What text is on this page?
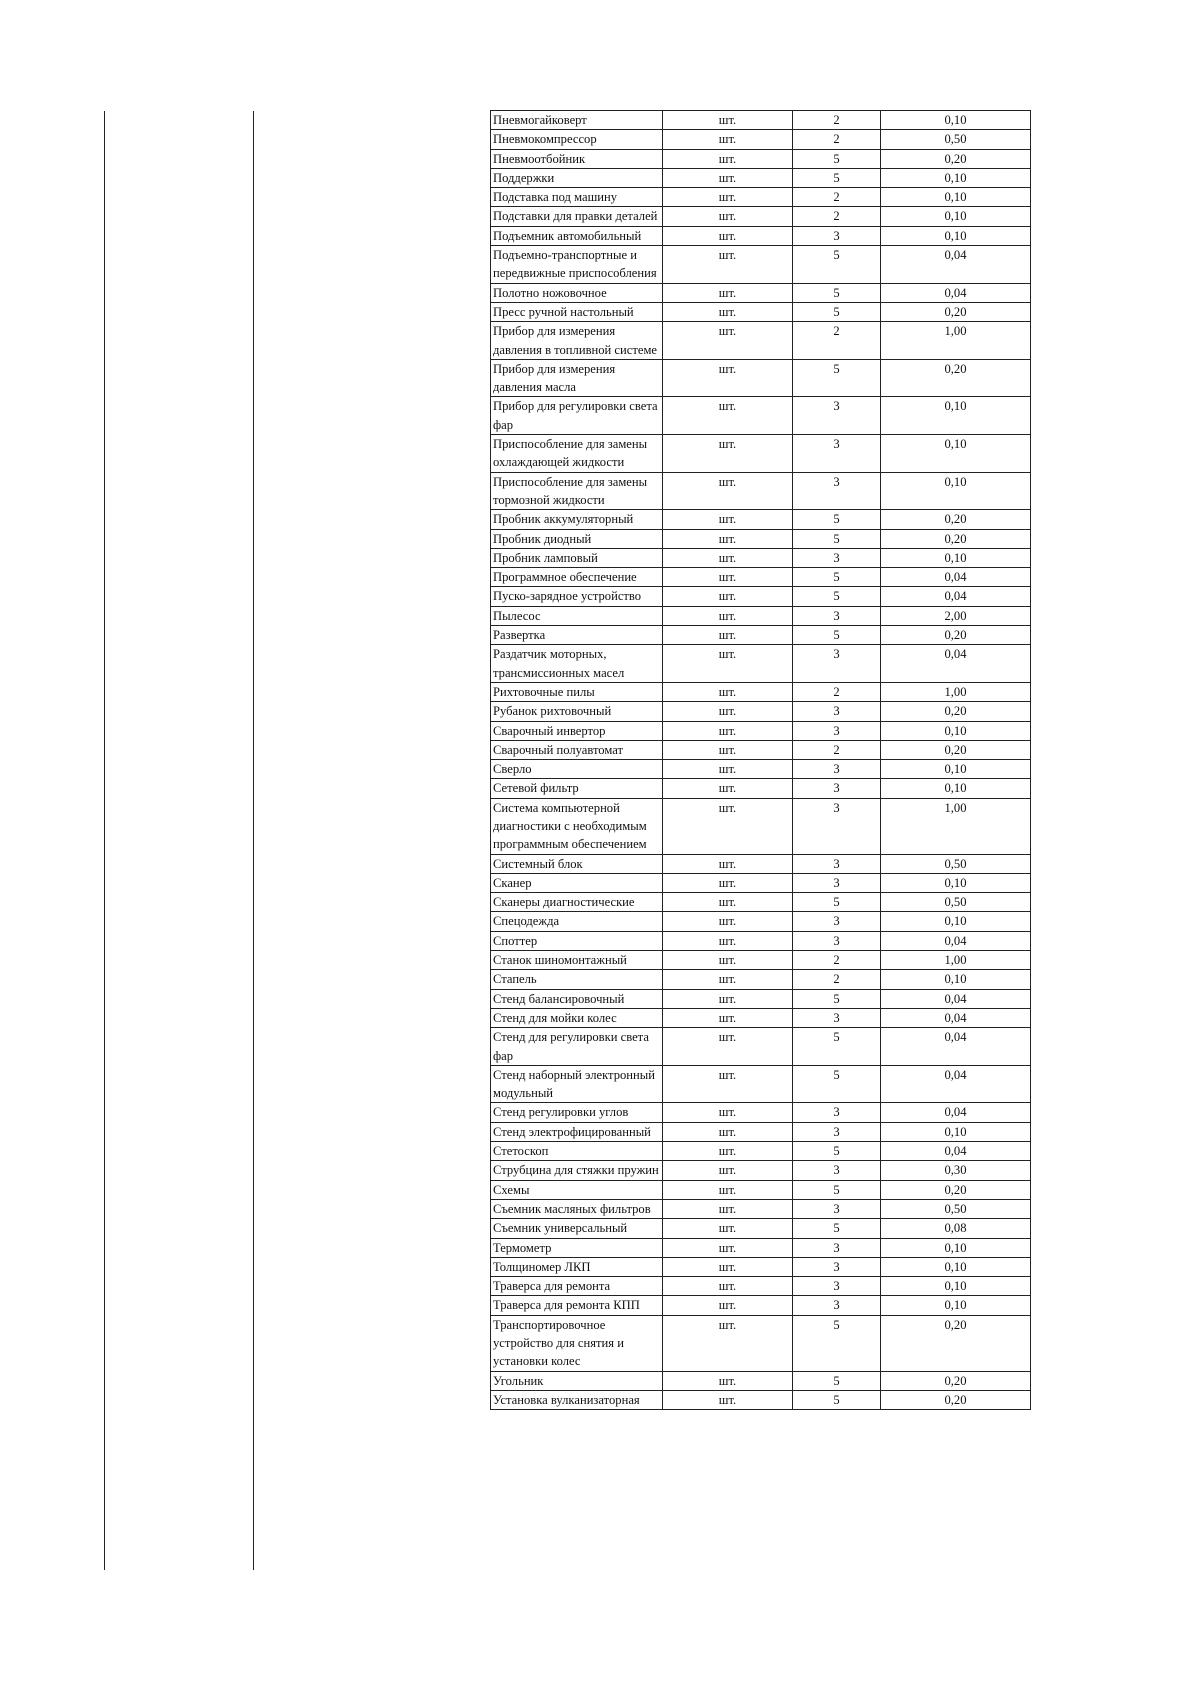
Пневмогайковерт	шт.	2	0,10
Пневмокомпрессор	шт.	2	0,50
Пневмоотбойник	шт.	5	0,20
Поддержки	шт.	5	0,10
Подставка под машину	шт.	2	0,10
Подставки для правки деталей	шт.	2	0,10
Подъемник автомобильный	шт.	3	0,10
Подъемно-транспортные и передвижные приспособления	шт.	5	0,04
Полотно ножовочное	шт.	5	0,04
Пресс ручной настольный	шт.	5	0,20
Прибор для измерения давления в топливной системе	шт.	2	1,00
Прибор для измерения давления масла	шт.	5	0,20
Прибор для регулировки света фар	шт.	3	0,10
Приспособление для замены охлаждающей жидкости	шт.	3	0,10
Приспособление для замены тормозной жидкости	шт.	3	0,10
Пробник аккумуляторный	шт.	5	0,20
Пробник диодный	шт.	5	0,20
Пробник ламповый	шт.	3	0,10
Программное обеспечение	шт.	5	0,04
Пуско-зарядное устройство	шт.	5	0,04
Пылесос	шт.	3	2,00
Развертка	шт.	5	0,20
Раздатчик моторных, трансмиссионных масел	шт.	3	0,04
Рихтовочные пилы	шт.	2	1,00
Рубанок рихтовочный	шт.	3	0,20
Сварочный инвертор	шт.	3	0,10
Сварочный полуавтомат	шт.	2	0,20
Сверло	шт.	3	0,10
Сетевой фильтр	шт.	3	0,10
Система компьютерной диагностики с необходимым программным обеспечением	шт.	3	1,00
Системный блок	шт.	3	0,50
Сканер	шт.	3	0,10
Сканеры диагностические	шт.	5	0,50
Спецодежда	шт.	3	0,10
Споттер	шт.	3	0,04
Станок шиномонтажный	шт.	2	1,00
Стапель	шт.	2	0,10
Стенд балансировочный	шт.	5	0,04
Стенд для мойки колес	шт.	3	0,04
Стенд для регулировки света фар	шт.	5	0,04
Стенд наборный электронный модульный	шт.	5	0,04
Стенд регулировки углов	шт.	3	0,04
Стенд электрофицированный	шт.	3	0,10
Стетоскоп	шт.	5	0,04
Струбцина для стяжки пружин	шт.	3	0,30
Схемы	шт.	5	0,20
Съемник масляных фильтров	шт.	3	0,50
Съемник универсальный	шт.	5	0,08
Термометр	шт.	3	0,10
Толщиномер ЛКП	шт.	3	0,10
Траверса для ремонта	шт.	3	0,10
Траверса для ремонта КПП	шт.	3	0,10
Транспортировочное устройство для снятия и установки колес	шт.	5	0,20
Угольник	шт.	5	0,20
Установка вулканизаторная	шт.	5	0,20
